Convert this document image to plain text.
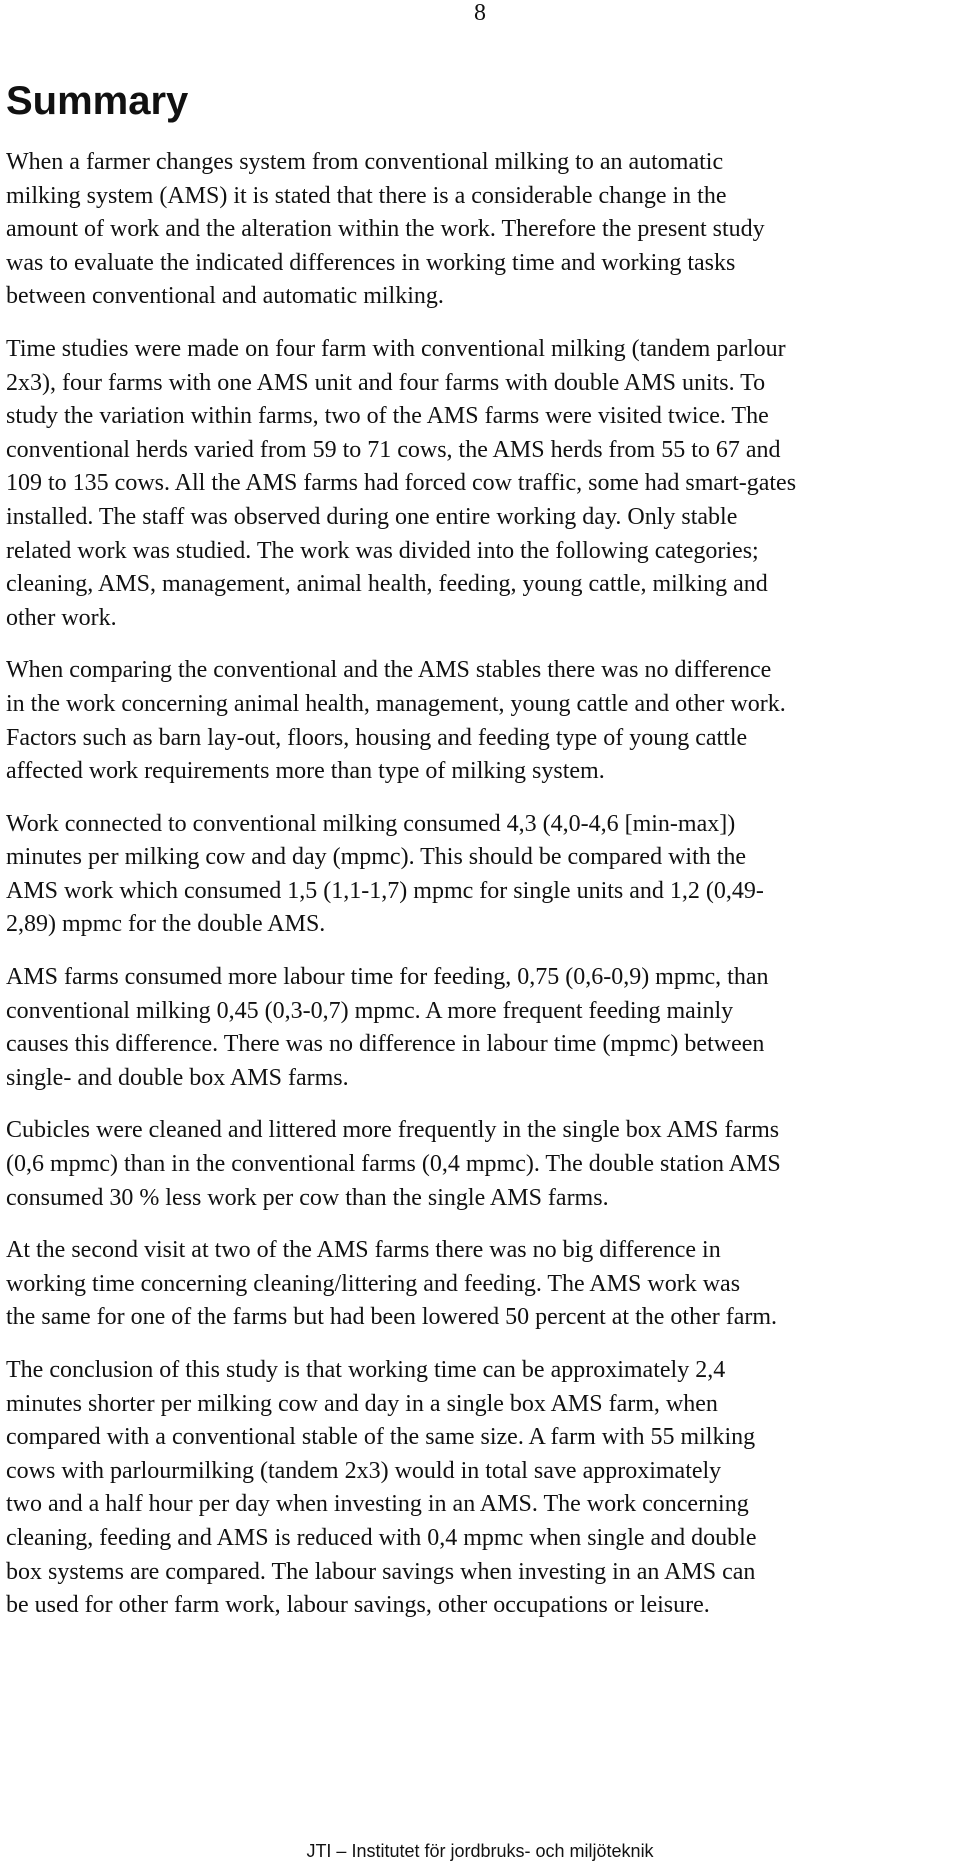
8
Summary

When a farmer changes system from conventional milking to an automatic
milking system (AMS) it is stated that there is a considerable change in the
amount of work and the alteration within the work. Therefore the present study
was to evaluate the indicated differences in working time and working tasks
between conventional and automatic milking.

Time studies were made on four farm with conventional milking (tandem parlour
2x3), four farms with one AMS unit and four farms with double AMS units. To
study the variation within farms, two of the AMS farms were visited twice. The
conventional herds varied from 59 to 71 cows, the AMS herds from 55 to 67 and
109 to 135 cows. All the AMS farms had forced cow traffic, some had smart-gates
installed. The staff was observed during one entire working day. Only stable
related work was studied. The work was divided into the following categories;
cleaning, AMS, management, animal health, feeding, young cattle, milking and
other work.

When comparing the conventional and the AMS stables there was no difference
in the work concerning animal health, management, young cattle and other work.
Factors such as barn lay-out, floors, housing and feeding type of young cattle
affected work requirements more than type of milking system.

Work connected to conventional milking consumed 4,3 (4,0-4,6 [min-max])
minutes per milking cow and day (mpmc). This should be compared with the
AMS work which consumed 1,5 (1,1-1,7) mpmc for single units and 1,2 (0,49-
2,89) mpmc for the double AMS.

AMS farms consumed more labour time for feeding, 0,75 (0,6-0,9) mpmc, than
conventional milking 0,45 (0,3-0,7) mpmc. A more frequent feeding mainly
causes this difference. There was no difference in labour time (mpmc) between
single- and double box AMS farms.

Cubicles were cleaned and littered more frequently in the single box AMS farms
(0,6 mpmc) than in the conventional farms (0,4 mpmc). The double station AMS
consumed 30 % less work per cow than the single AMS farms.

At the second visit at two of the AMS farms there was no big difference in
working time concerning cleaning/littering and feeding. The AMS work was
the same for one of the farms but had been lowered 50 percent at the other farm.

The conclusion of this study is that working time can be approximately 2,4
minutes shorter per milking cow and day in a single box AMS farm, when
compared with a conventional stable of the same size. A farm with 55 milking
cows with parlourmilking (tandem 2x3) would in total save approximately
two and a half hour per day when investing in an AMS. The work concerning
cleaning, feeding and AMS is reduced with 0,4 mpmc when single and double
box systems are compared. The labour savings when investing in an AMS can
be used for other farm work, labour savings, other occupations or leisure.

JTI – Institutet för jordbruks- och miljöteknik
